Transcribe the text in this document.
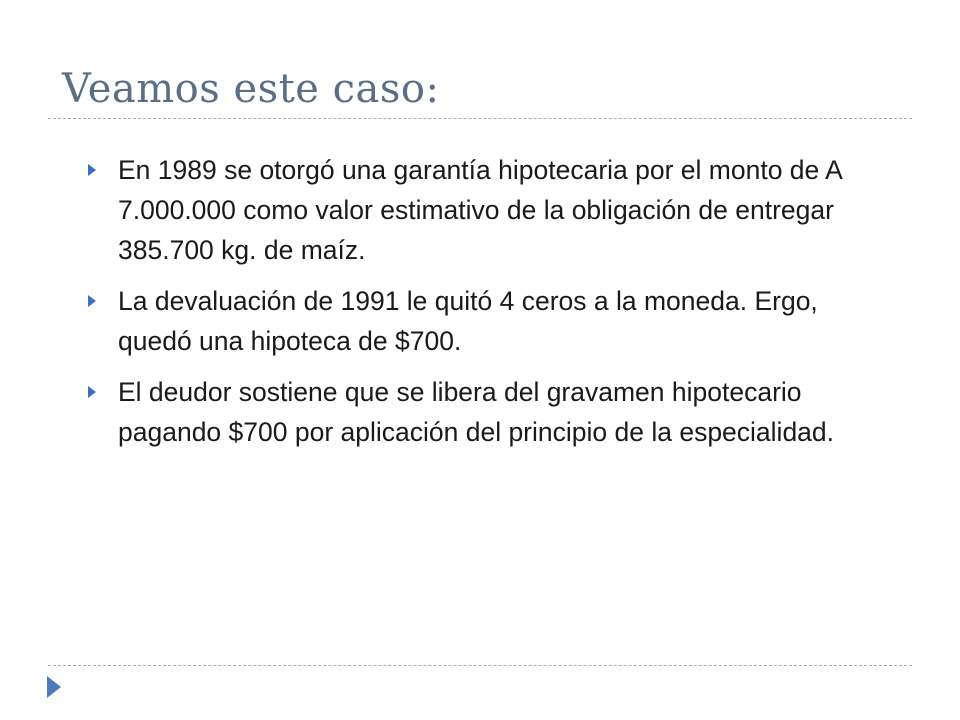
Veamos este caso:
En 1989 se otorgó una garantía hipotecaria por el monto de A 7.000.000 como valor estimativo de la obligación de entregar 385.700 kg. de maíz.
La devaluación de 1991 le quitó 4 ceros a la moneda. Ergo, quedó una hipoteca de $700.
El deudor sostiene que se libera del gravamen hipotecario pagando $700 por aplicación del principio de la especialidad.
